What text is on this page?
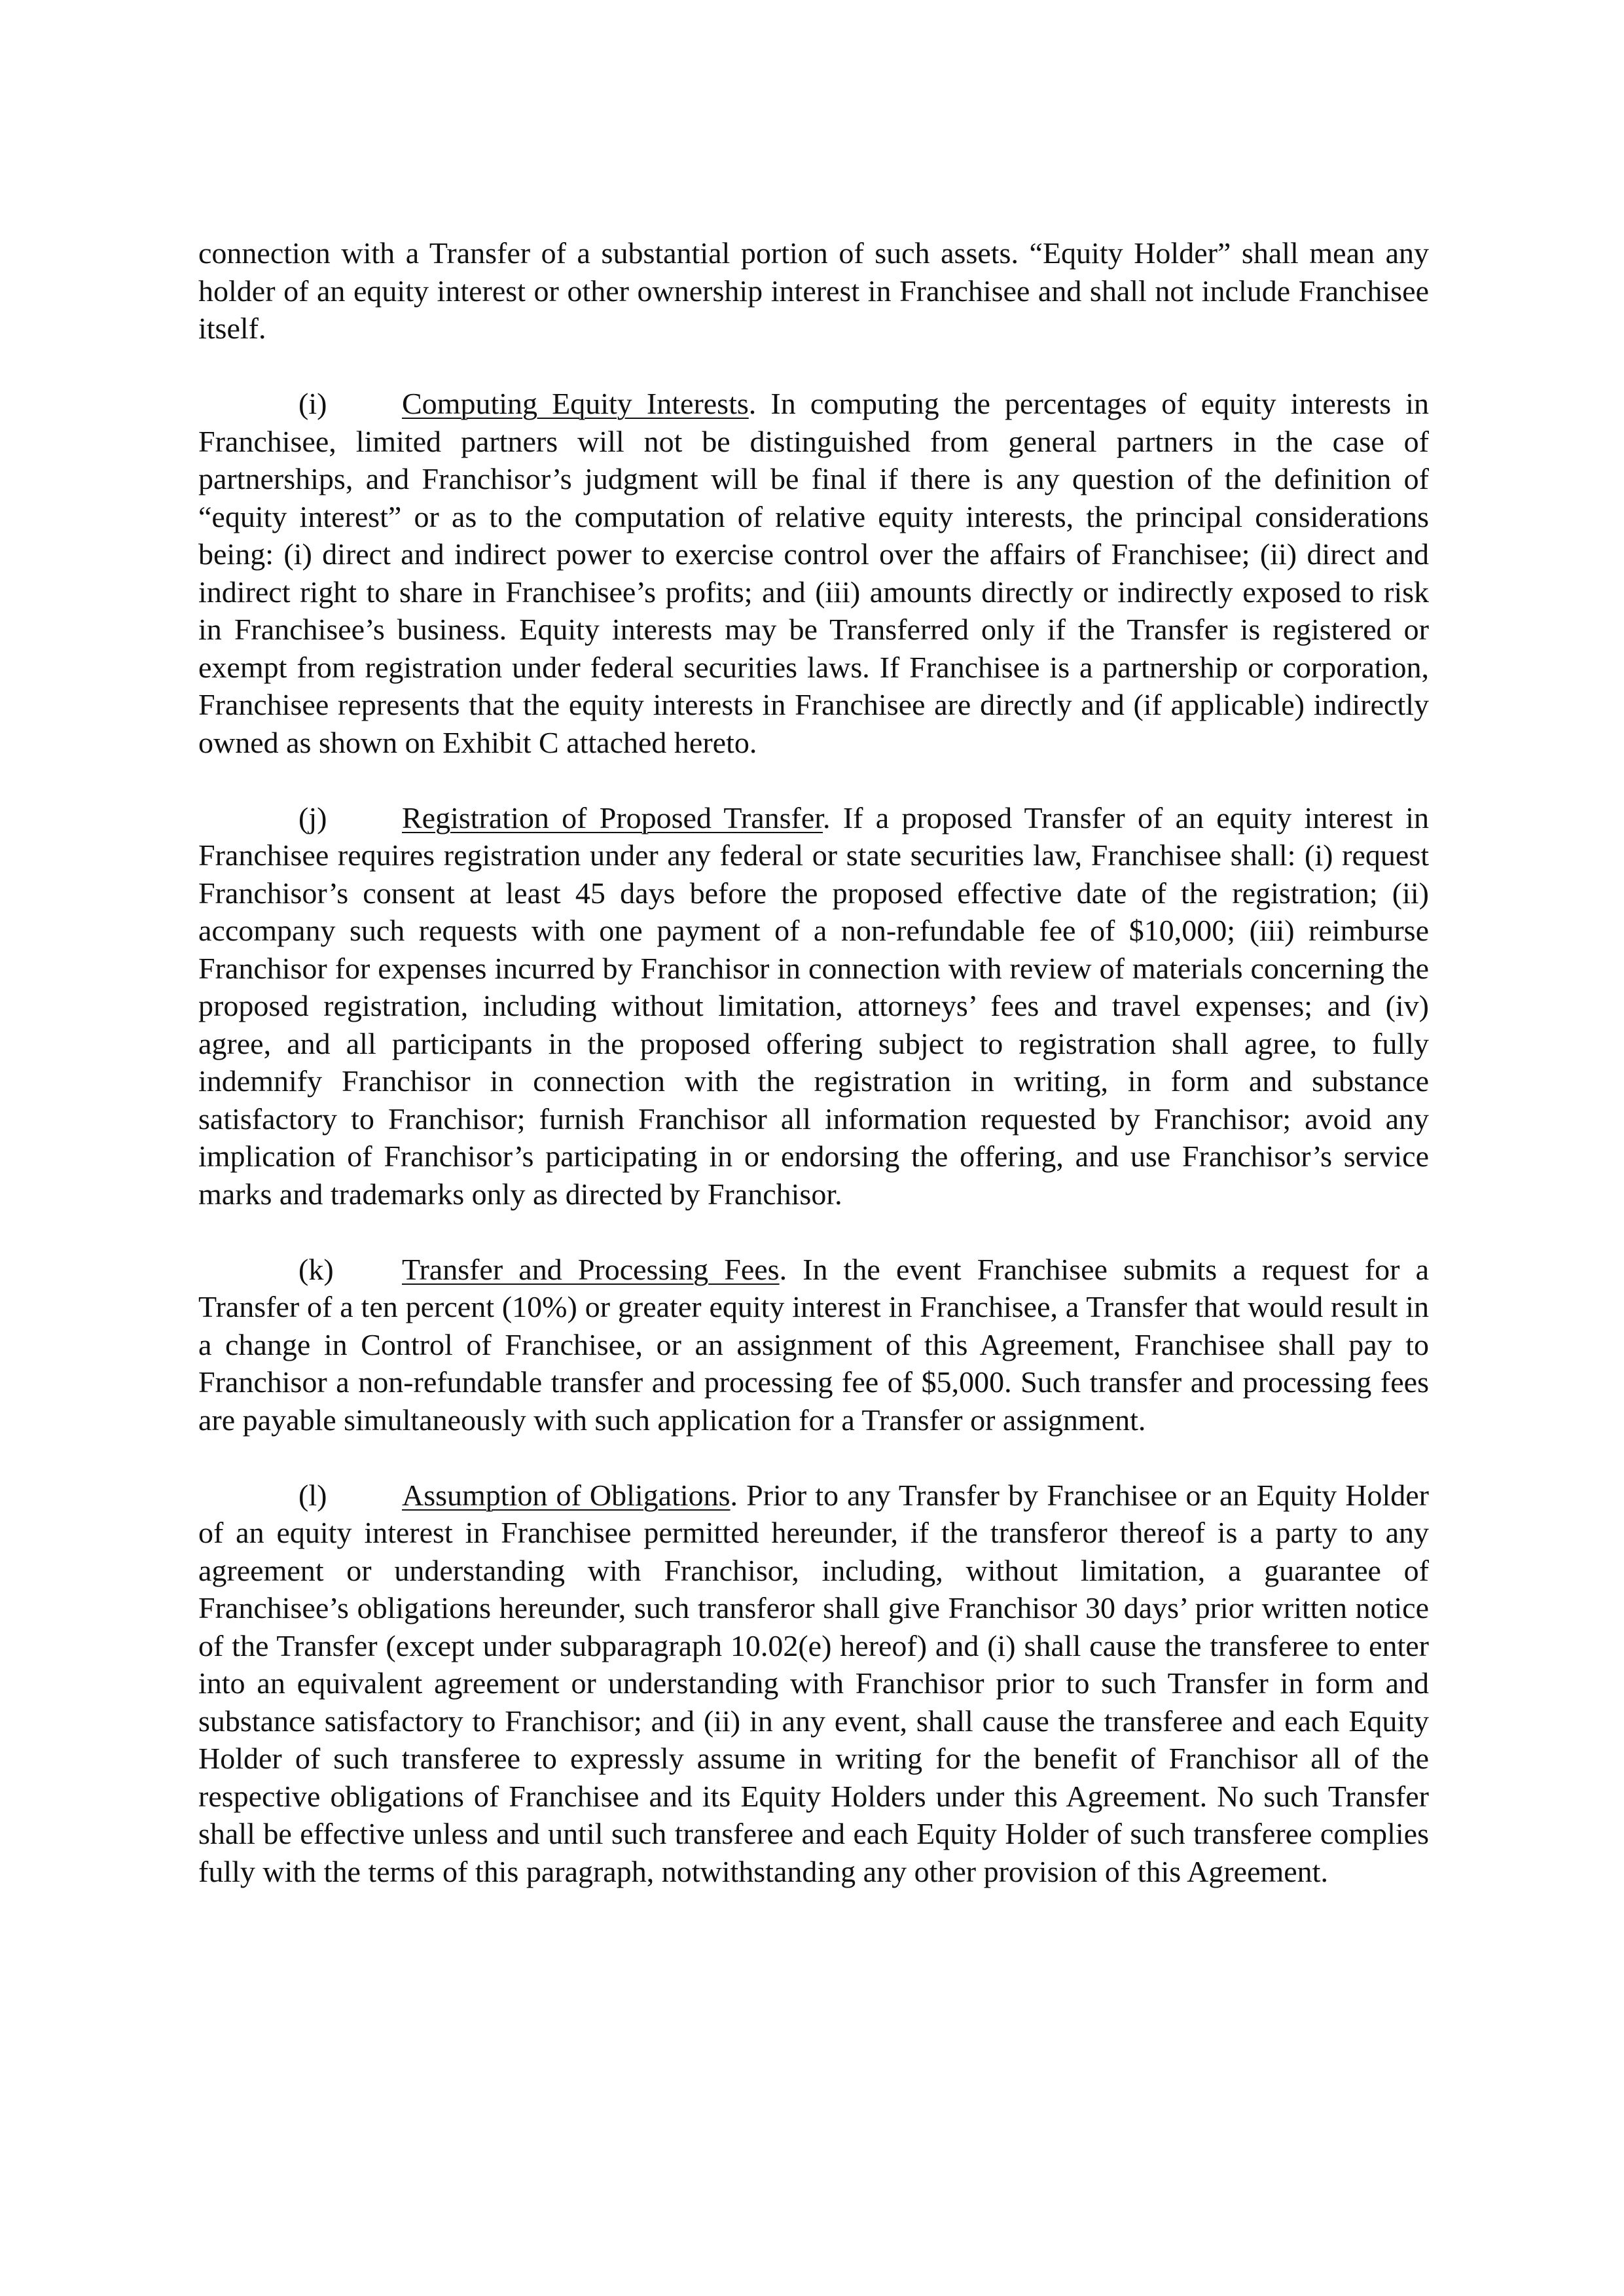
connection with a Transfer of a substantial portion of such assets. “Equity Holder” shall mean any holder of an equity interest or other ownership interest in Franchisee and shall not include Franchisee itself.

(i) Computing Equity Interests. In computing the percentages of equity interests in Franchisee, limited partners will not be distinguished from general partners in the case of partnerships, and Franchisor’s judgment will be final if there is any question of the definition of “equity interest” or as to the computation of relative equity interests, the principal considerations being: (i) direct and indirect power to exercise control over the affairs of Franchisee; (ii) direct and indirect right to share in Franchisee’s profits; and (iii) amounts directly or indirectly exposed to risk in Franchisee’s business. Equity interests may be Transferred only if the Transfer is registered or exempt from registration under federal securities laws. If Franchisee is a partnership or corporation, Franchisee represents that the equity interests in Franchisee are directly and (if applicable) indirectly owned as shown on Exhibit C attached hereto.

(j) Registration of Proposed Transfer. If a proposed Transfer of an equity interest in Franchisee requires registration under any federal or state securities law, Franchisee shall: (i) request Franchisor’s consent at least 45 days before the proposed effective date of the registration; (ii) accompany such requests with one payment of a non-refundable fee of $10,000; (iii) reimburse Franchisor for expenses incurred by Franchisor in connection with review of materials concerning the proposed registration, including without limitation, attorneys’ fees and travel expenses; and (iv) agree, and all participants in the proposed offering subject to registration shall agree, to fully indemnify Franchisor in connection with the registration in writing, in form and substance satisfactory to Franchisor; furnish Franchisor all information requested by Franchisor; avoid any implication of Franchisor’s participating in or endorsing the offering, and use Franchisor’s service marks and trademarks only as directed by Franchisor.

(k) Transfer and Processing Fees. In the event Franchisee submits a request for a Transfer of a ten percent (10%) or greater equity interest in Franchisee, a Transfer that would result in a change in Control of Franchisee, or an assignment of this Agreement, Franchisee shall pay to Franchisor a non-refundable transfer and processing fee of $5,000. Such transfer and processing fees are payable simultaneously with such application for a Transfer or assignment.

(l) Assumption of Obligations. Prior to any Transfer by Franchisee or an Equity Holder of an equity interest in Franchisee permitted hereunder, if the transferor thereof is a party to any agreement or understanding with Franchisor, including, without limitation, a guarantee of Franchisee’s obligations hereunder, such transferor shall give Franchisor 30 days’ prior written notice of the Transfer (except under subparagraph 10.02(e) hereof) and (i) shall cause the transferee to enter into an equivalent agreement or understanding with Franchisor prior to such Transfer in form and substance satisfactory to Franchisor; and (ii) in any event, shall cause the transferee and each Equity Holder of such transferee to expressly assume in writing for the benefit of Franchisor all of the respective obligations of Franchisee and its Equity Holders under this Agreement. No such Transfer shall be effective unless and until such transferee and each Equity Holder of such transferee complies fully with the terms of this paragraph, notwithstanding any other provision of this Agreement.
